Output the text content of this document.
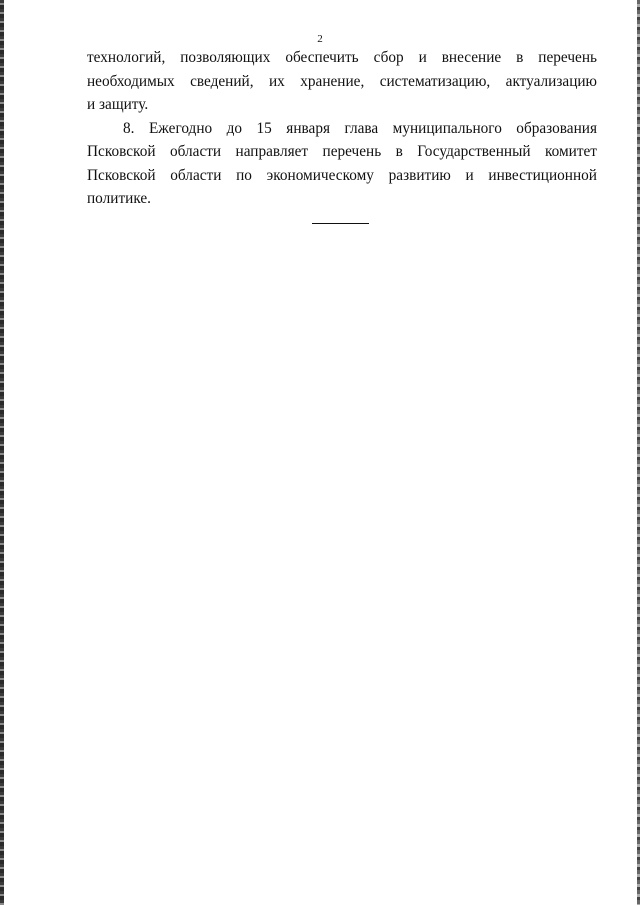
2
технологий, позволяющих обеспечить сбор и внесение в перечень
необходимых сведений, их хранение, систематизацию, актуализацию
и защиту.
8. Ежегодно до 15 января глава муниципального образования
Псковской области направляет перечень в Государственный комитет
Псковской области по экономическому развитию и инвестиционной
политике.
